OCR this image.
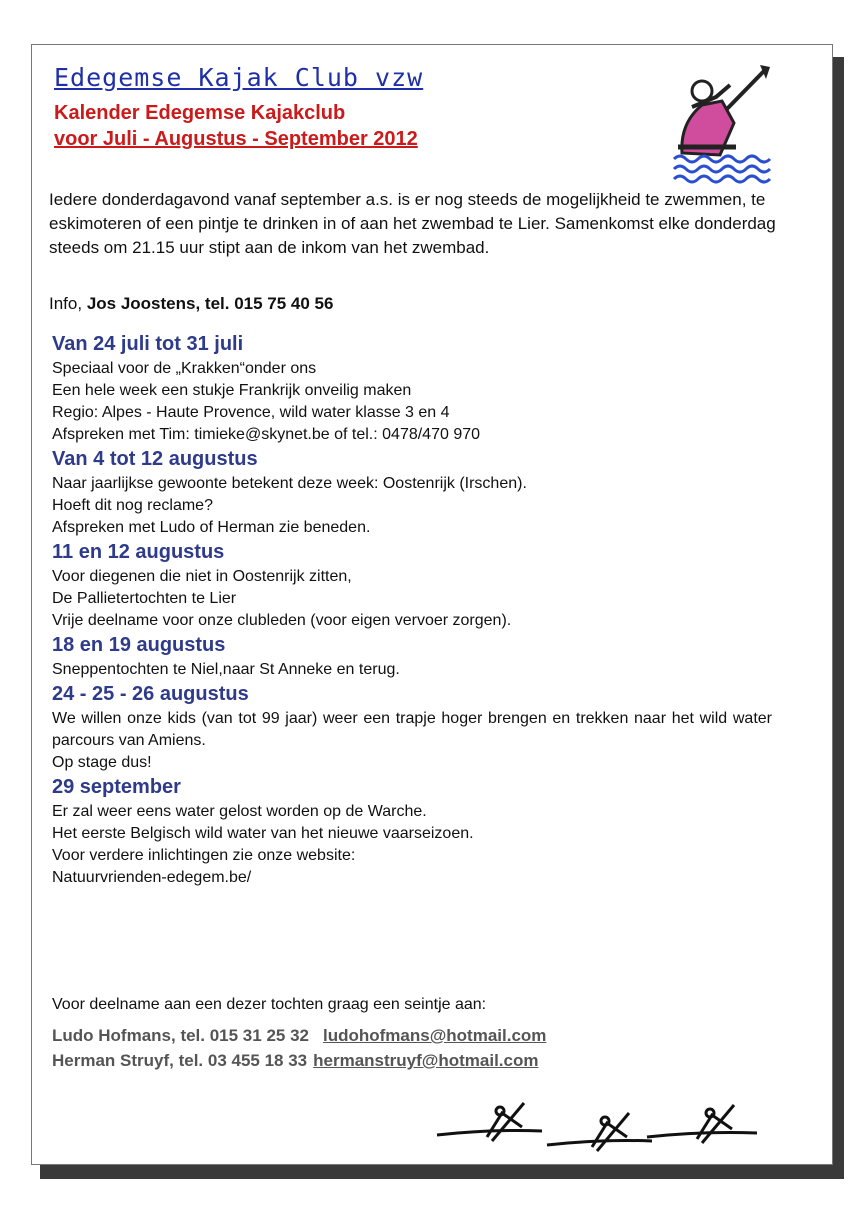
Edegemse Kajak Club vzw
Kalender Edegemse Kajakclub
voor Juli - Augustus - September 2012

Iedere donderdagavond vanaf september a.s. is er nog steeds de mogelijkheid te zwemmen, te eskimoteren of een pintje te drinken in of aan het zwembad te Lier. Samenkomst elke donderdag steeds om 21.15 uur stipt aan de inkom van het zwembad.

Info, Jos Joostens, tel. 015 75 40 56

Van 24 juli tot 31 juli

Speciaal voor de „Krakken“onder ons

Een hele week een stukje Frankrijk onveilig maken

Regio: Alpes - Haute Provence, wild water klasse 3 en 4

Afspreken met Tim: timieke@skynet.be of tel.: 0478/470 970

Van 4 tot 12 augustus

Naar jaarlijkse gewoonte betekent deze week: Oostenrijk (Irschen).

Hoeft dit nog reclame?

Afspreken met Ludo of Herman zie beneden.

11 en 12 augustus

Voor diegenen die niet in Oostenrijk zitten,

De Pallietertochten te Lier

Vrije deelname voor onze clubleden (voor eigen vervoer zorgen).

18 en 19 augustus

Sneppentochten te Niel,naar St Anneke en terug.

24 - 25 - 26 augustus

We willen onze kids (van tot 99 jaar) weer een trapje hoger brengen en trekken naar het wild water parcours van Amiens.

Op stage dus!

29 september

Er zal weer eens water gelost worden op de Warche.

Het eerste Belgisch wild water van het nieuwe vaarseizoen.

Voor verdere inlichtingen zie onze website:

Natuurvrienden-edegem.be/

Voor deelname aan een dezer tochten graag een seintje aan:

Ludo Hofmans, tel. 015 31 25 32 ludohofmans@hotmail.com
Herman Struyf, tel. 03 455 18 33 hermanstruyf@hotmail.com
